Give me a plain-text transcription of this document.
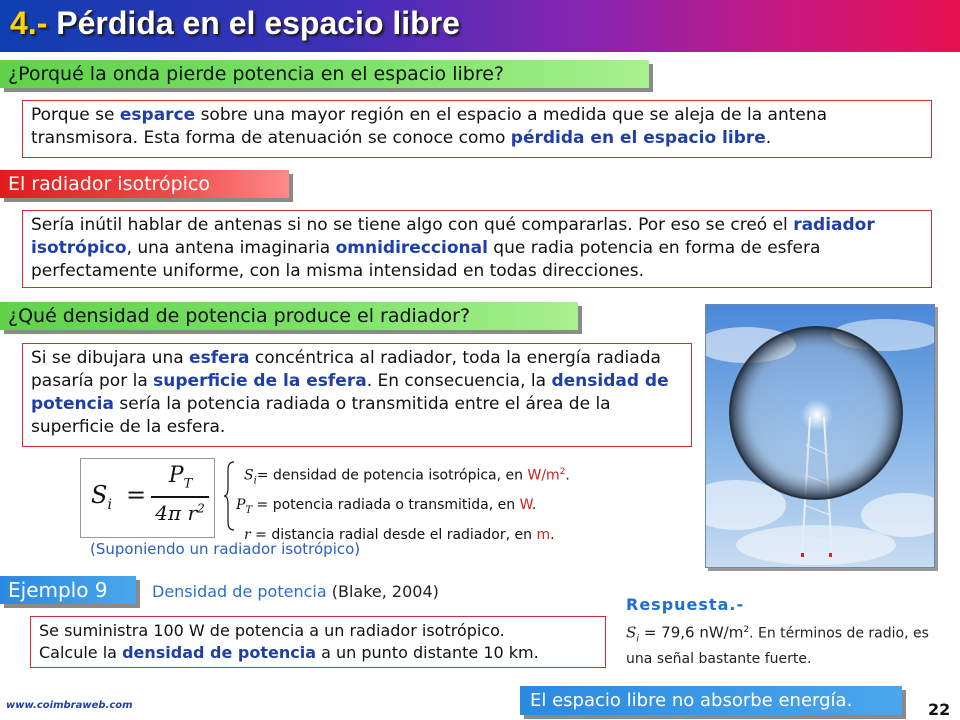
4.- Pérdida en el espacio libre
¿Porqué la onda pierde potencia en el espacio libre?
Porque se esparce sobre una mayor región en el espacio a medida que se aleja de la antena transmisora. Esta forma de atenuación se conoce como pérdida en el espacio libre.
El radiador isotrópico
Sería inútil hablar de antenas si no se tiene algo con qué compararlas. Por eso se creó el radiador isotrópico, una antena imaginaria omnidireccional que radia potencia en forma de esfera perfectamente uniforme, con la misma intensidad en todas direcciones.
¿Qué densidad de potencia produce el radiador?
Si se dibujara una esfera concéntrica al radiador, toda la energía radiada pasaría por la superficie de la esfera. En consecuencia, la densidad de potencia sería la potencia radiada o transmitida entre el área de la superficie de la esfera.
$S_i$ =
$P_T$
4π $r^2$
$S_i=$ densidad de potencia isotrópica, en $W/m^2$.
$P_T$ = potencia radiada o transmitida, en W.
r = distancia radial desde el radiador, en m.
(Suponiendo un radiador isotrópico)
Ejemplo 9	Densidad de potencia (Blake, 2004)
Se suministra 100 W de potencia a un radiador isotrópico.
Calcule la densidad de potencia a un punto distante 10 km.
Respuesta.-
$S_i = 79,6$ $nW/m^2$. En términos de radio, es una señal bastante fuerte.
El espacio libre no absorbe energía.
www.coimbraweb.com	22
